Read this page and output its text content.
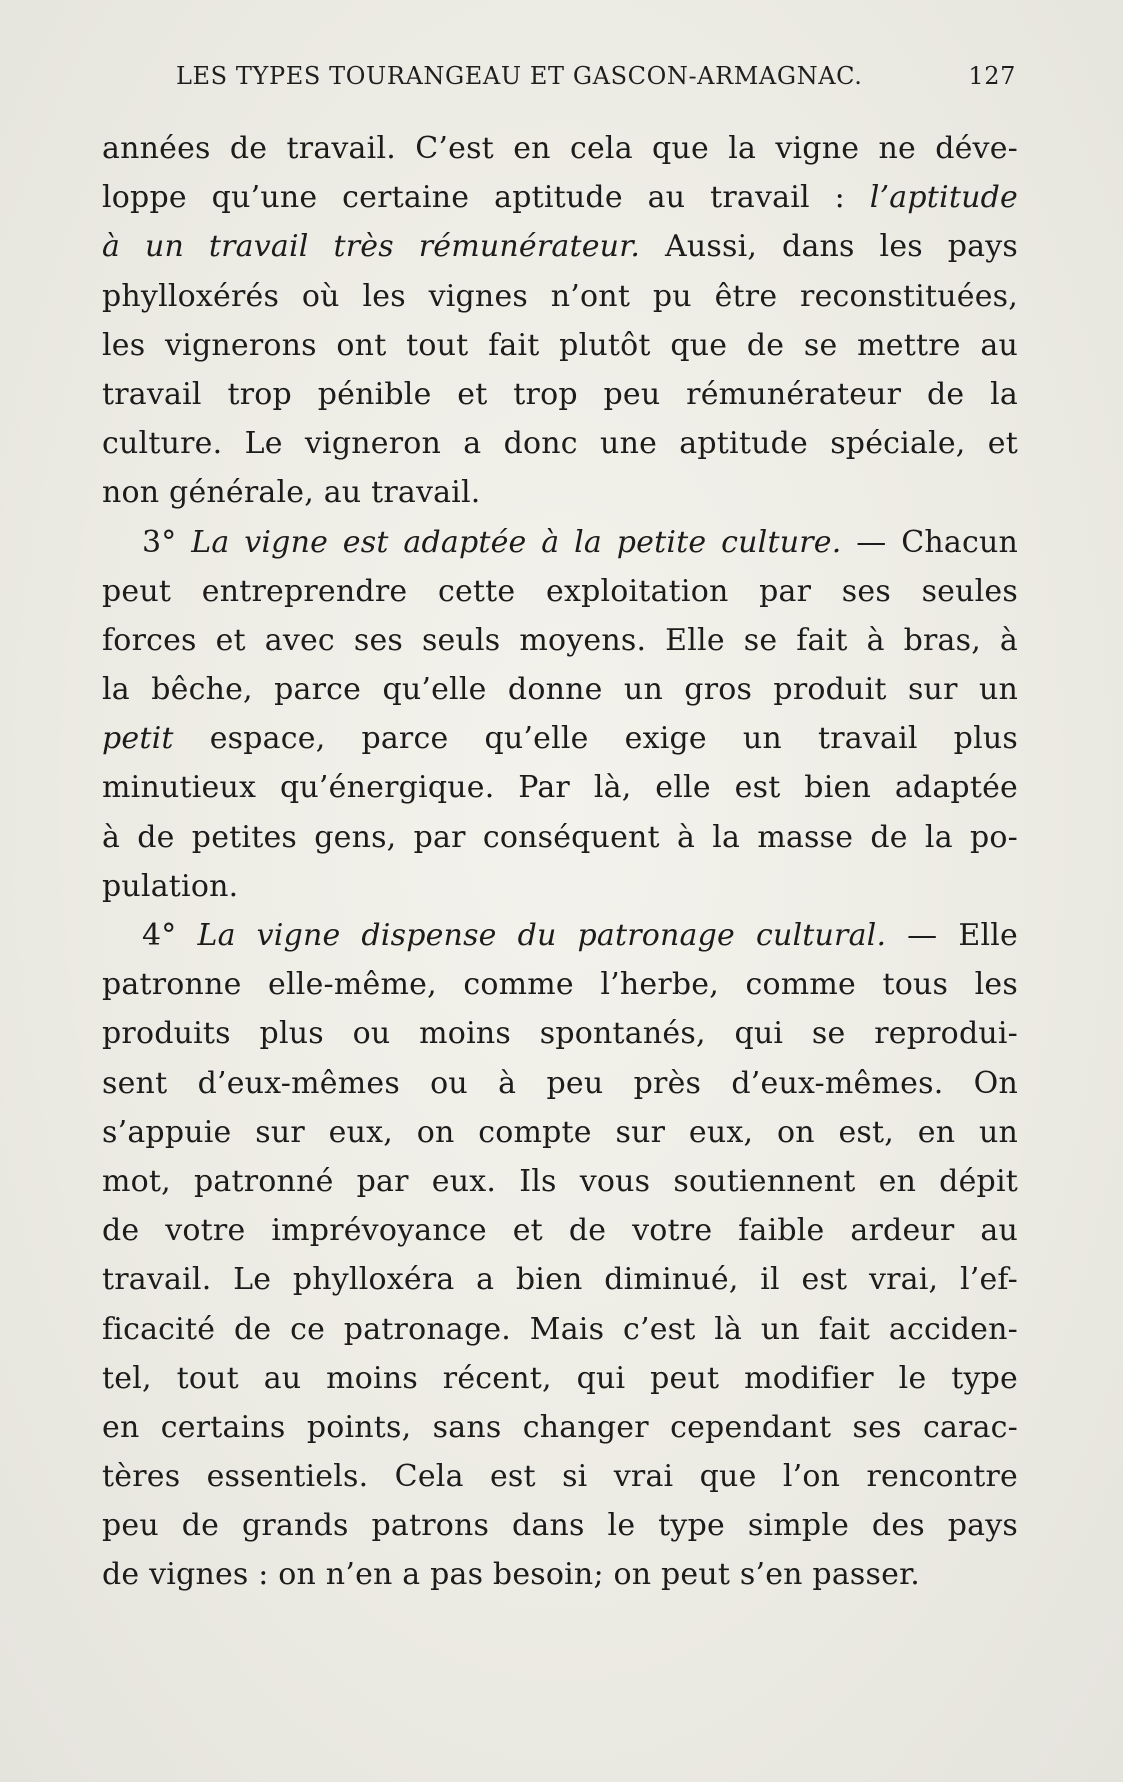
LES TYPES TOURANGEAU ET GASCON-ARMAGNAC.	127
années de travail. C’est en cela que la vigne ne déve-
loppe qu’une certaine aptitude au travail : l’aptitude
à un travail très rémunérateur. Aussi, dans les pays
phylloxérés où les vignes n’ont pu être reconstituées,
les vignerons ont tout fait plutôt que de se mettre au
travail trop pénible et trop peu rémunérateur de la
culture. Le vigneron a donc une aptitude spéciale, et
non générale, au travail.
3° La vigne est adaptée à la petite culture. — Chacun
peut entreprendre cette exploitation par ses seules
forces et avec ses seuls moyens. Elle se fait à bras, à
la bêche, parce qu’elle donne un gros produit sur un
petit espace, parce qu’elle exige un travail plus
minutieux qu’énergique. Par là, elle est bien adaptée
à de petites gens, par conséquent à la masse de la po-
pulation.
4° La vigne dispense du patronage cultural. — Elle
patronne elle-même, comme l’herbe, comme tous les
produits plus ou moins spontanés, qui se reprodui-
sent d’eux-mêmes ou à peu près d’eux-mêmes. On
s’appuie sur eux, on compte sur eux, on est, en un
mot, patronné par eux. Ils vous soutiennent en dépit
de votre imprévoyance et de votre faible ardeur au
travail. Le phylloxéra a bien diminué, il est vrai, l’ef-
ficacité de ce patronage. Mais c’est là un fait acciden-
tel, tout au moins récent, qui peut modifier le type
en certains points, sans changer cependant ses carac-
tères essentiels. Cela est si vrai que l’on rencontre
peu de grands patrons dans le type simple des pays
de vignes : on n’en a pas besoin; on peut s’en passer.
